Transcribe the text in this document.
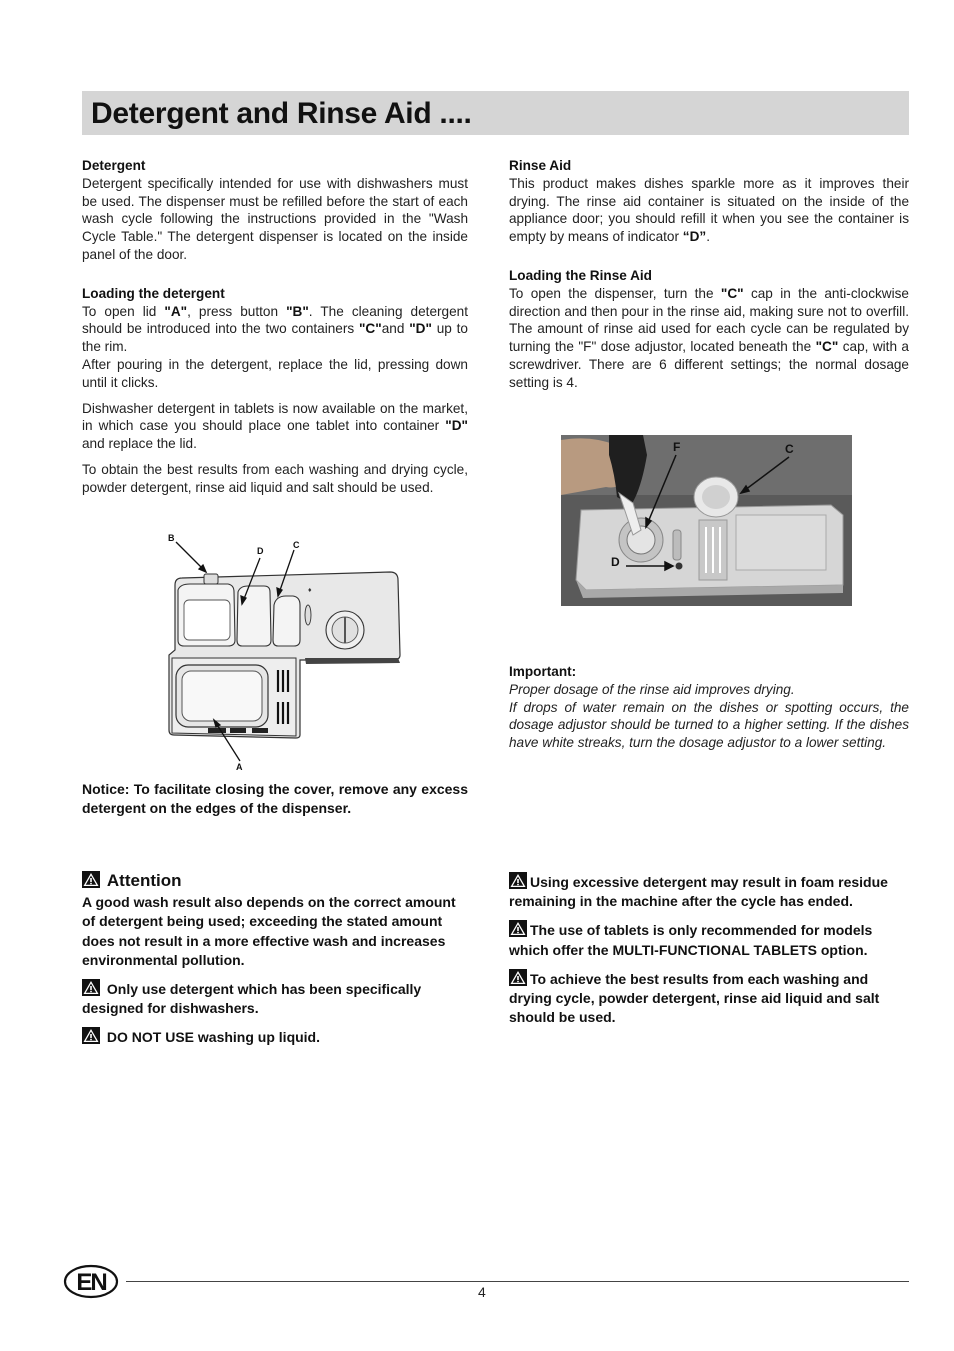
Detergent and Rinse Aid ....
Detergent

Detergent specifically intended for use with dishwashers must be used. The dispenser must be refilled before the start of each wash cycle following the instructions provided in the "Wash Cycle Table." The detergent dispenser is located on the inside panel of the door.

Loading the detergent

To open lid "A", press button "B". The cleaning detergent should be introduced into the two containers "C"and "D" up to the rim.

After pouring in the detergent, replace the lid, pressing down until it clicks.

Dishwasher detergent in tablets is now available on the market, in which case you should place one tablet into container "D" and replace the lid.

To obtain the best results from each washing and drying cycle, powder detergent, rinse aid liquid and salt should be used.

♦
B
D
C
A
Notice: To facilitate closing the cover, remove any excess detergent on the edges of the dispenser.
Rinse Aid

This product makes dishes sparkle more as it improves their drying. The rinse aid container is situated on the inside of the appliance door; you should refill it when you see the container is empty by means of indicator “D”.

Loading the Rinse Aid

To open the dispenser, turn the "C" cap in the anti-clockwise direction and then pour in the rinse aid, making sure not to overfill. The amount of rinse aid used for each cycle can be regulated by turning the "F" dose adjustor, located beneath the "C" cap, with a screwdriver. There are 6 different settings; the normal dosage setting is 4.

F	C
D
Important:

Proper dosage of the rinse aid improves drying.

If drops of water remain on the dishes or spotting occurs, the dosage adjustor should be turned to a higher setting. If the dishes have white streaks, turn the dosage adjustor to a lower setting.

Attention

A good wash result also depends on the correct amount of detergent being used; exceeding the stated amount does not result in a more effective wash and increases environmental pollution.

Only use detergent which has been specifically designed for dishwashers.

DO NOT USE washing up liquid.

Using excessive detergent may result in foam residue remaining in the machine after the cycle has ended.

The use of tablets is only recommended for models which offer the MULTI-FUNCTIONAL TABLETS option.

To achieve the best results from each washing and drying cycle, powder detergent, rinse aid liquid and salt should be used.

EN	4
